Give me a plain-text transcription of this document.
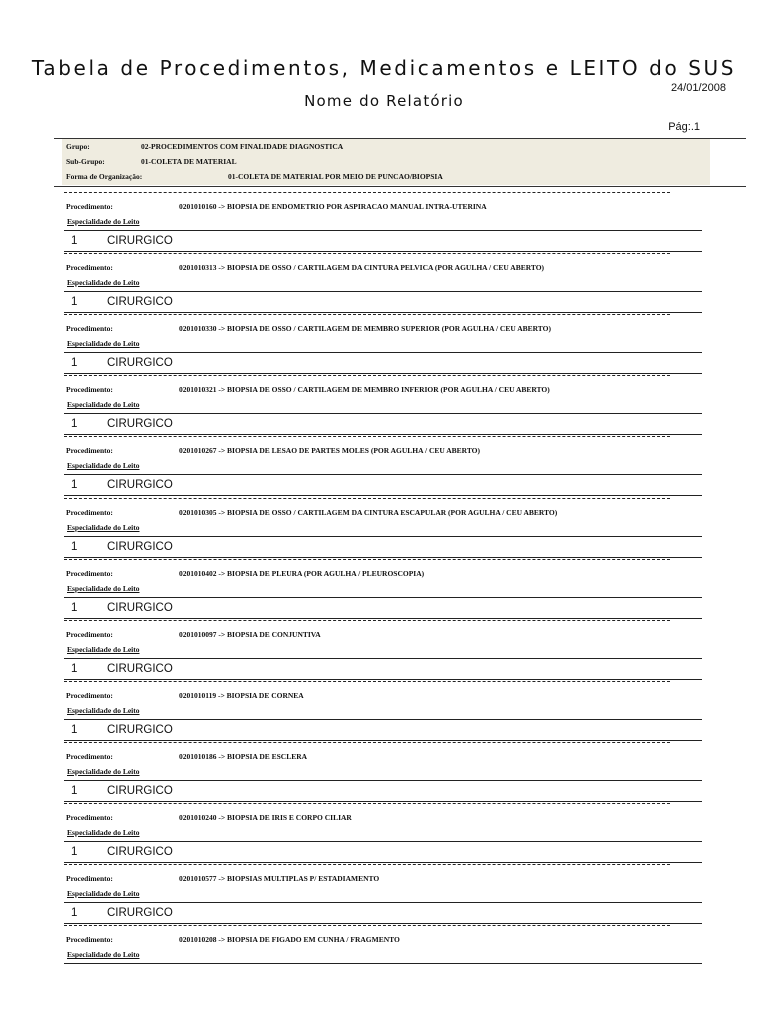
Tabela de Procedimentos, Medicamentos e LEITO do SUS
24/01/2008
Nome do Relatório
Pág:.1
Grupo:	02-PROCEDIMENTOS COM FINALIDADE DIAGNOSTICA
Sub-Grupo:	01-COLETA DE MATERIAL
Forma de Organização:	01-COLETA DE MATERIAL POR MEIO DE PUNCAO/BIOPSIA
Procedimento:	0201010160 -> BIOPSIA DE ENDOMETRIO POR ASPIRACAO MANUAL INTRA-UTERINA
Especialidade do Leito
1	CIRURGICO
Procedimento:	0201010313 -> BIOPSIA DE OSSO / CARTILAGEM DA CINTURA PELVICA (POR AGULHA / CEU ABERTO)
Especialidade do Leito
1	CIRURGICO
Procedimento:	0201010330 -> BIOPSIA DE OSSO / CARTILAGEM DE MEMBRO SUPERIOR (POR AGULHA / CEU ABERTO)
Especialidade do Leito
1	CIRURGICO
Procedimento:	0201010321 -> BIOPSIA DE OSSO / CARTILAGEM DE MEMBRO INFERIOR (POR AGULHA / CEU ABERTO)
Especialidade do Leito
1	CIRURGICO
Procedimento:	0201010267 -> BIOPSIA DE LESAO DE PARTES MOLES (POR AGULHA / CEU ABERTO)
Especialidade do Leito
1	CIRURGICO
Procedimento:	0201010305 -> BIOPSIA DE OSSO / CARTILAGEM DA CINTURA ESCAPULAR (POR AGULHA / CEU ABERTO)
Especialidade do Leito
1	CIRURGICO
Procedimento:	0201010402 -> BIOPSIA DE PLEURA (POR AGULHA / PLEUROSCOPIA)
Especialidade do Leito
1	CIRURGICO
Procedimento:	0201010097 -> BIOPSIA DE CONJUNTIVA
Especialidade do Leito
1	CIRURGICO
Procedimento:	0201010119 -> BIOPSIA DE CORNEA
Especialidade do Leito
1	CIRURGICO
Procedimento:	0201010186 -> BIOPSIA DE ESCLERA
Especialidade do Leito
1	CIRURGICO
Procedimento:	0201010240 -> BIOPSIA DE IRIS E CORPO CILIAR
Especialidade do Leito
1	CIRURGICO
Procedimento:	0201010577 -> BIOPSIAS MULTIPLAS P/ ESTADIAMENTO
Especialidade do Leito
1	CIRURGICO
Procedimento:	0201010208 -> BIOPSIA DE FIGADO EM CUNHA / FRAGMENTO
Especialidade do Leito
